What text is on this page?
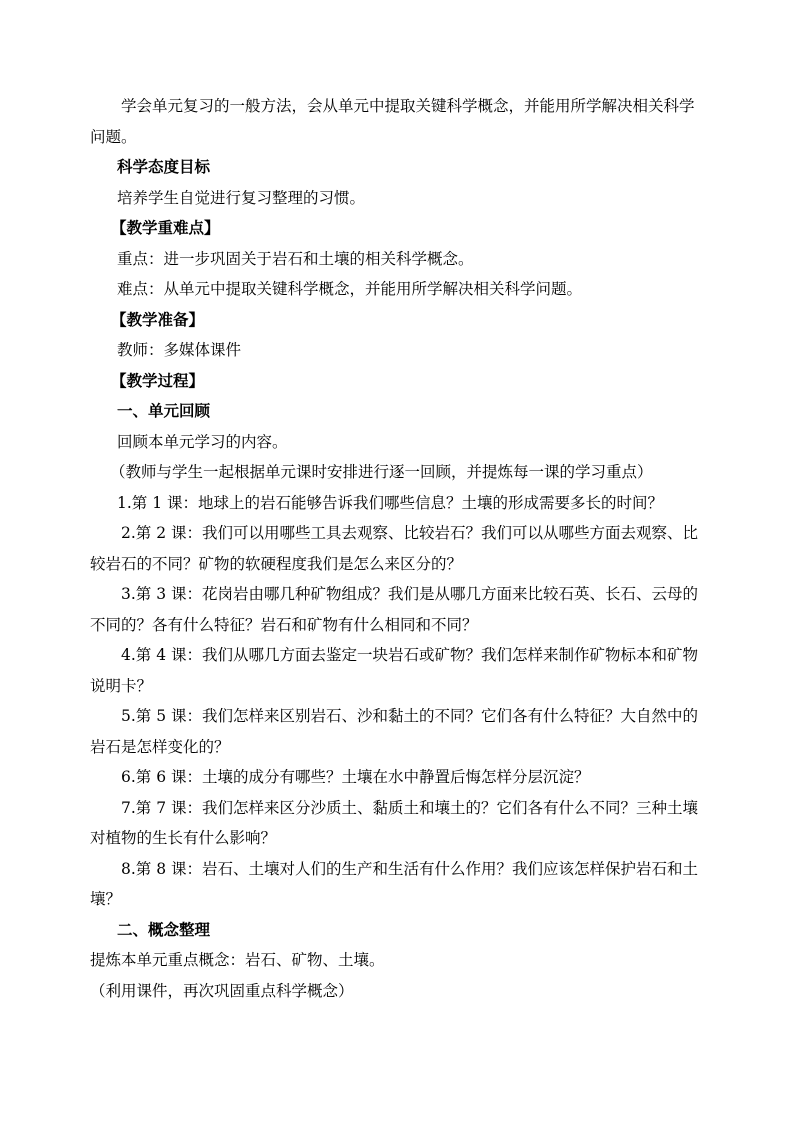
学会单元复习的一般方法，会从单元中提取关键科学概念，并能用所学解决相关科学问题。

科学态度目标

培养学生自觉进行复习整理的习惯。

【教学重难点】

重点：进一步巩固关于岩石和土壤的相关科学概念。

难点：从单元中提取关键科学概念，并能用所学解决相关科学问题。

【教学准备】

教师：多媒体课件

【教学过程】

一、单元回顾

回顾本单元学习的内容。

（教师与学生一起根据单元课时安排进行逐一回顾，并提炼每一课的学习重点）

1.第 1 课：地球上的岩石能够告诉我们哪些信息？土壤的形成需要多长的时间？

2.第 2 课：我们可以用哪些工具去观察、比较岩石？我们可以从哪些方面去观察、比较岩石的不同？矿物的软硬程度我们是怎么来区分的？

3.第 3 课：花岗岩由哪几种矿物组成？我们是从哪几方面来比较石英、长石、云母的不同的？各有什么特征？岩石和矿物有什么相同和不同？

4.第 4 课：我们从哪几方面去鉴定一块岩石或矿物？我们怎样来制作矿物标本和矿物说明卡？

5.第 5 课：我们怎样来区别岩石、沙和黏土的不同？它们各有什么特征？大自然中的岩石是怎样变化的？

6.第 6 课：土壤的成分有哪些？土壤在水中静置后悔怎样分层沉淀？

7.第 7 课：我们怎样来区分沙质土、黏质土和壤土的？它们各有什么不同？三种土壤对植物的生长有什么影响？

8.第 8 课：岩石、土壤对人们的生产和生活有什么作用？我们应该怎样保护岩石和土壤？

二、概念整理

提炼本单元重点概念：岩石、矿物、土壤。

（利用课件，再次巩固重点科学概念）
